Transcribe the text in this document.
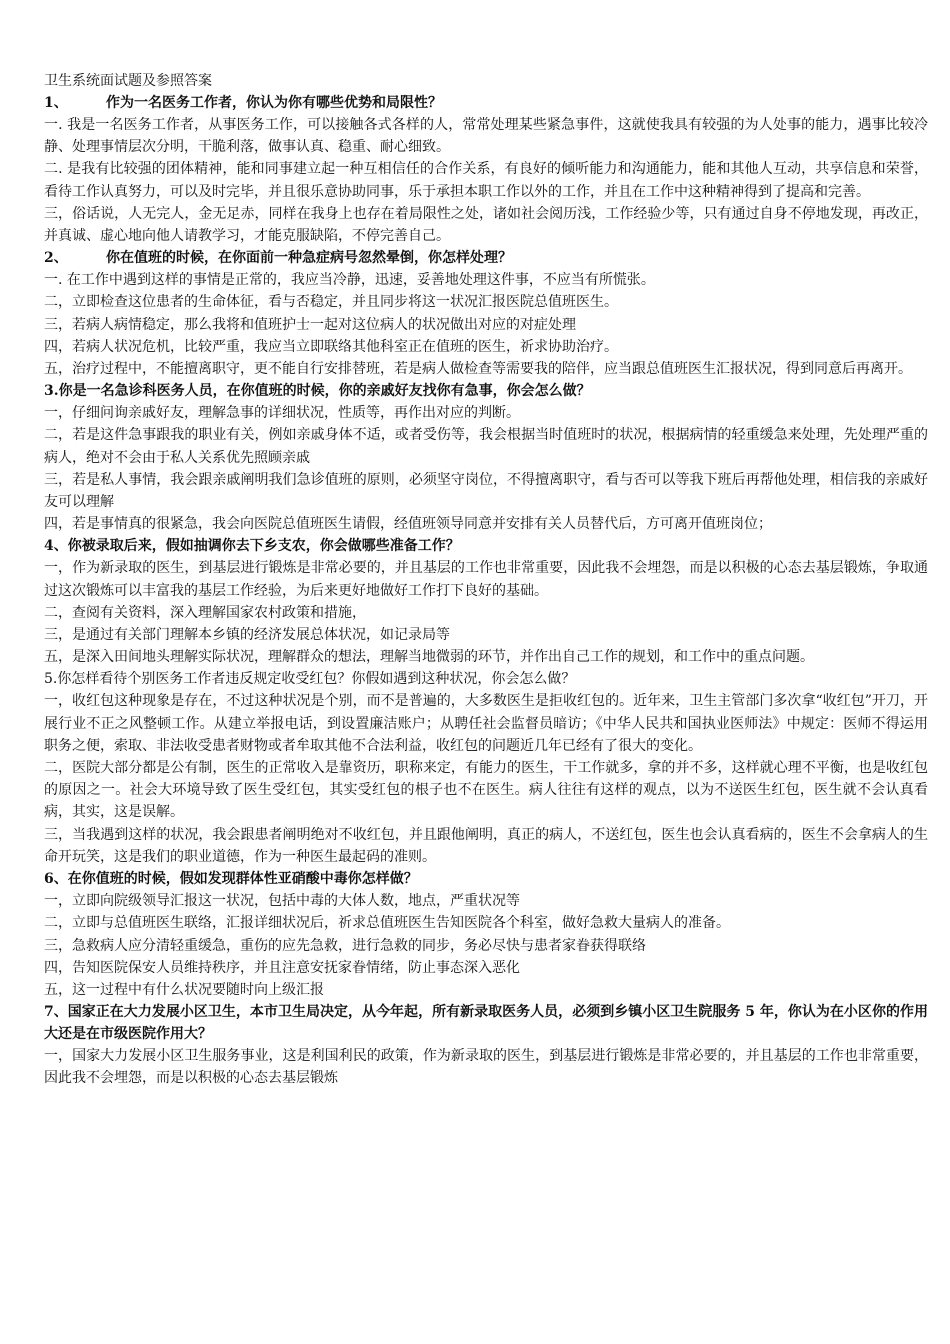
卫生系统面试题及参照答案

1、	作为一名医务工作者，你认为你有哪些优势和局限性？

一. 我是一名医务工作者，从事医务工作，可以接触各式各样的人，常常处理某些紧急事件，这就使我具有较强的为人处事的能力，遇事比较冷静、处理事情层次分明，干脆利落，做事认真、稳重、耐心细致。

二. 是我有比较强的团体精神，能和同事建立起一种互相信任的合作关系，有良好的倾听能力和沟通能力，能和其他人互动，共享信息和荣誉，看待工作认真努力，可以及时完毕，并且很乐意协助同事，乐于承担本职工作以外的工作，并且在工作中这种精神得到了提高和完善。

三，俗话说，人无完人，金无足赤，同样在我身上也存在着局限性之处，诸如社会阅历浅，工作经验少等，只有通过自身不停地发现，再改正，并真诚、虚心地向他人请教学习，才能克服缺陷，不停完善自己。

2、	你在值班的时候，在你面前一种急症病号忽然晕倒，你怎样处理？

一. 在工作中遇到这样的事情是正常的，我应当冷静，迅速，妥善地处理这件事，不应当有所慌张。

二，立即检查这位患者的生命体征，看与否稳定，并且同步将这一状况汇报医院总值班医生。

三，若病人病情稳定，那么我将和值班护士一起对这位病人的状况做出对应的对症处理

四，若病人状况危机，比较严重，我应当立即联络其他科室正在值班的医生，祈求协助治疗。

五，治疗过程中，不能擅离职守，更不能自行安排替班，若是病人做检查等需要我的陪伴，应当跟总值班医生汇报状况，得到同意后再离开。

3.你是一名急诊科医务人员，在你值班的时候，你的亲戚好友找你有急事，你会怎么做？

一，仔细问询亲戚好友，理解急事的详细状况，性质等，再作出对应的判断。

二，若是这件急事跟我的职业有关，例如亲戚身体不适，或者受伤等，我会根据当时值班时的状况，根据病情的轻重缓急来处理，先处理严重的病人，绝对不会由于私人关系优先照顾亲戚

三，若是私人事情，我会跟亲戚阐明我们急诊值班的原则，必须坚守岗位，不得擅离职守，看与否可以等我下班后再帮他处理，相信我的亲戚好友可以理解

四，若是事情真的很紧急，我会向医院总值班医生请假，经值班领导同意并安排有关人员替代后，方可离开值班岗位；

4、你被录取后来，假如抽调你去下乡支农，你会做哪些准备工作？

一，作为新录取的医生，到基层进行锻炼是非常必要的，并且基层的工作也非常重要，因此我不会埋怨，而是以积极的心态去基层锻炼，争取通过这次锻炼可以丰富我的基层工作经验，为后来更好地做好工作打下良好的基础。

二，查阅有关资料，深入理解国家农村政策和措施，

三，是通过有关部门理解本乡镇的经济发展总体状况，如记录局等

五，是深入田间地头理解实际状况，理解群众的想法，理解当地微弱的环节，并作出自己工作的规划，和工作中的重点问题。

5.你怎样看待个别医务工作者违反规定收受红包？你假如遇到这种状况，你会怎么做？

一，收红包这种现象是存在，不过这种状况是个别，而不是普遍的，大多数医生是拒收红包的。近年来，卫生主管部门多次拿“收红包”开刀，开展行业不正之风整顿工作。从建立举报电话，到设置廉洁账户；从聘任社会监督员暗访；《中华人民共和国执业医师法》中规定：医师不得运用职务之便，索取、非法收受患者财物或者牟取其他不合法利益，收红包的问题近几年已经有了很大的变化。

二，医院大部分都是公有制，医生的正常收入是靠资历，职称来定，有能力的医生，干工作就多，拿的并不多，这样就心理不平衡，也是收红包的原因之一。社会大环境导致了医生受红包，其实受红包的根子也不在医生。病人往往有这样的观点，以为不送医生红包，医生就不会认真看病，其实，这是误解。

三，当我遇到这样的状况，我会跟患者阐明绝对不收红包，并且跟他阐明，真正的病人，不送红包，医生也会认真看病的，医生不会拿病人的生命开玩笑，这是我们的职业道德，作为一种医生最起码的准则。

6、在你值班的时候，假如发现群体性亚硝酸中毒你怎样做？

一，立即向院级领导汇报这一状况，包括中毒的大体人数，地点，严重状况等

二，立即与总值班医生联络，汇报详细状况后，祈求总值班医生告知医院各个科室，做好急救大量病人的准备。

三，急救病人应分清轻重缓急，重伤的应先急救，进行急救的同步，务必尽快与患者家眷获得联络

四，告知医院保安人员维持秩序，并且注意安抚家眷情绪，防止事态深入恶化

五，这一过程中有什么状况要随时向上级汇报

7、国家正在大力发展小区卫生，本市卫生局决定，从今年起，所有新录取医务人员，必须到乡镇小区卫生院服务 5 年，你认为在小区你的作用大还是在市级医院作用大？

一，国家大力发展小区卫生服务事业，这是利国利民的政策，作为新录取的医生，到基层进行锻炼是非常必要的，并且基层的工作也非常重要，因此我不会埋怨，而是以积极的心态去基层锻炼
